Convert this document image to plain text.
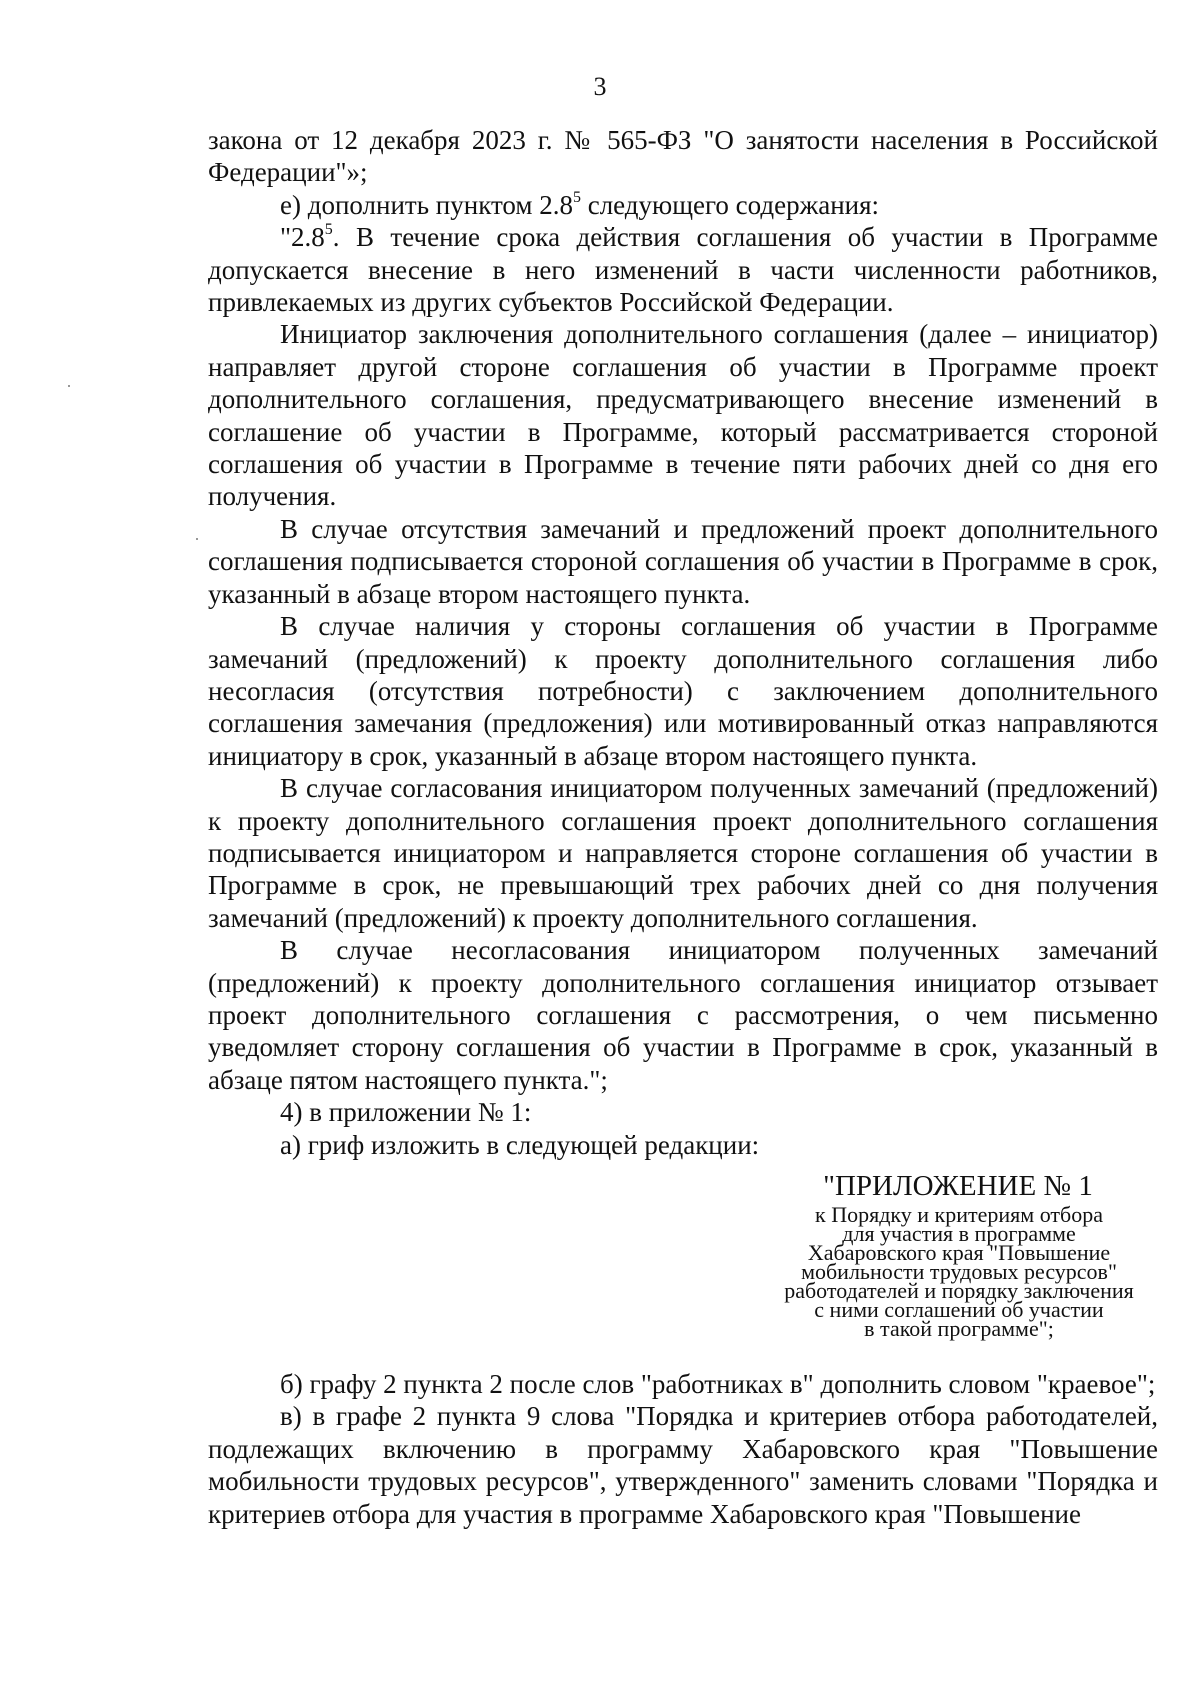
3

закона от 12 декабря 2023 г. № 565-ФЗ "О занятости населения в Российской Федерации"»;

е) дополнить пунктом $2.8^5$ следующего содержания:

"$2.8^5$. В течение срока действия соглашения об участии в Программе допускается внесение в него изменений в части численности работников, привлекаемых из других субъектов Российской Федерации.

Инициатор заключения дополнительного соглашения (далее – инициатор) направляет другой стороне соглашения об участии в Программе проект дополнительного соглашения, предусматривающего внесение изменений в соглашение об участии в Программе, который рассматривается стороной соглашения об участии в Программе в течение пяти рабочих дней со дня его получения.

В случае отсутствия замечаний и предложений проект дополнительного соглашения подписывается стороной соглашения об участии в Программе в срок, указанный в абзаце втором настоящего пункта.

В случае наличия у стороны соглашения об участии в Программе замечаний (предложений) к проекту дополнительного соглашения либо несогласия (отсутствия потребности) с заключением дополнительного соглашения замечания (предложения) или мотивированный отказ направляются инициатору в срок, указанный в абзаце втором настоящего пункта.

В случае согласования инициатором полученных замечаний (предложений) к проекту дополнительного соглашения проект дополнительного соглашения подписывается инициатором и направляется стороне соглашения об участии в Программе в срок, не превышающий трех рабочих дней со дня получения замечаний (предложений) к проекту дополнительного соглашения.

В случае несогласования инициатором полученных замечаний (предложений) к проекту дополнительного соглашения инициатор отзывает проект дополнительного соглашения с рассмотрения, о чем письменно уведомляет сторону соглашения об участии в Программе в срок, указанный в абзаце пятом настоящего пункта.";

4) в приложении № 1:

а) гриф изложить в следующей редакции:

"ПРИЛОЖЕНИЕ № 1
к Порядку и критериям отбора
для участия в программе
Хабаровского края "Повышение
мобильности трудовых ресурсов"
работодателей и порядку заключения
с ними соглашений об участии
в такой программе";

б) графу 2 пункта 2 после слов "работниках в" дополнить словом "краевое";

в) в графе 2 пункта 9 слова "Порядка и критериев отбора работодателей, подлежащих включению в программу Хабаровского края "Повышение мобильности трудовых ресурсов", утвержденного" заменить словами "Порядка и критериев отбора для участия в программе Хабаровского края "Повышение
